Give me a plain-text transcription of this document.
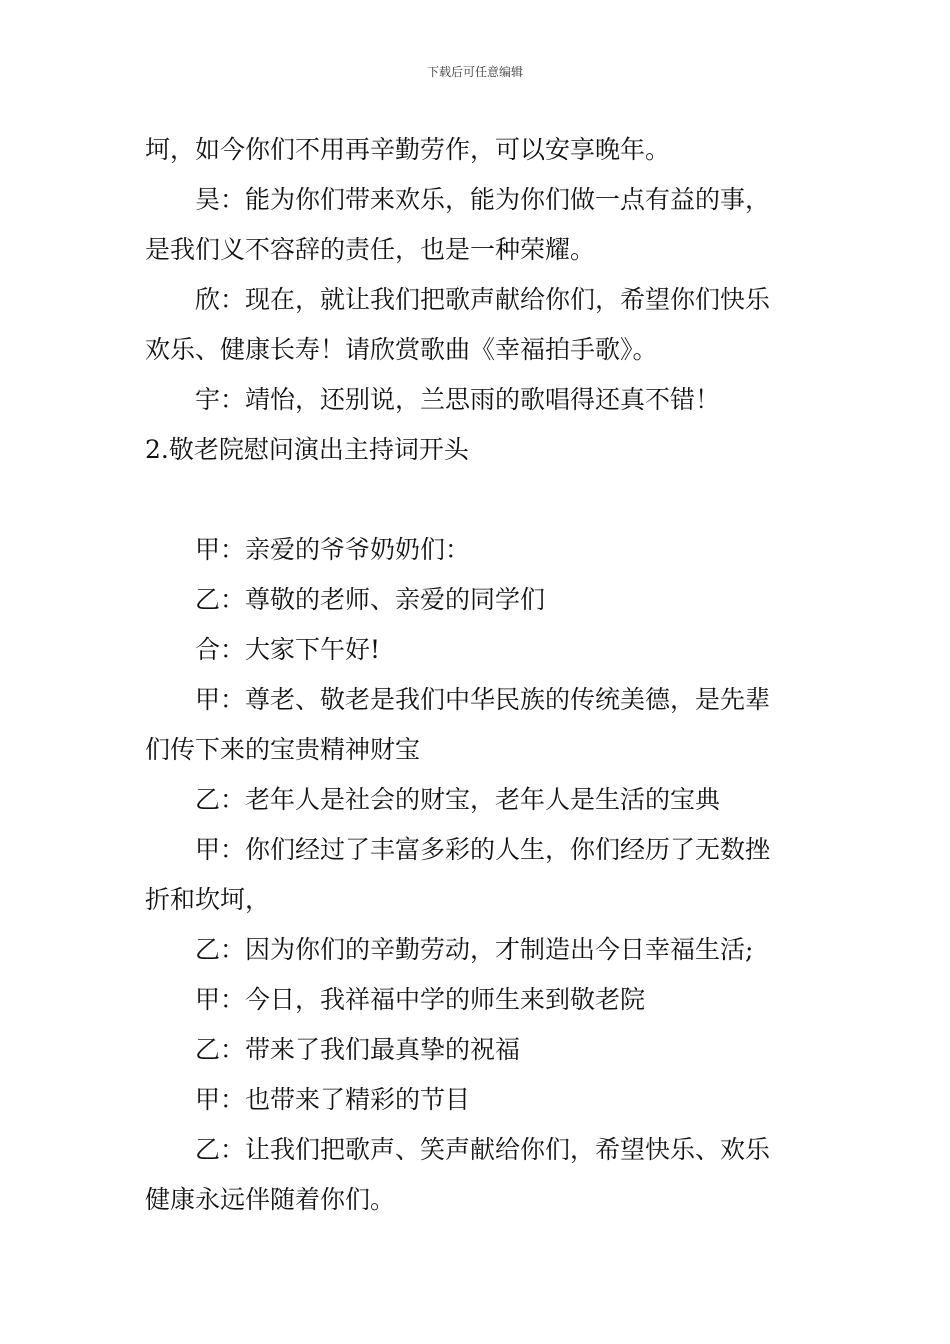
下载后可任意编辑
坷，如今你们不用再辛勤劳作，可以安享晚年。
昊：能为你们带来欢乐，能为你们做一点有益的事，
是我们义不容辞的责任，也是一种荣耀。
欣：现在，就让我们把歌声献给你们，希望你们快乐
欢乐、健康长寿！请欣赏歌曲《幸福拍手歌》。
宇：靖怡，还别说，兰思雨的歌唱得还真不错！
2.敬老院慰问演出主持词开头
甲：亲爱的爷爷奶奶们：
乙：尊敬的老师、亲爱的同学们
合：大家下午好!
甲：尊老、敬老是我们中华民族的传统美德，是先辈
们传下来的宝贵精神财宝
乙：老年人是社会的财宝，老年人是生活的宝典
甲：你们经过了丰富多彩的人生，你们经历了无数挫
折和坎坷，
乙：因为你们的辛勤劳动，才制造出今日幸福生活;
甲：今日，我祥福中学的师生来到敬老院
乙：带来了我们最真挚的祝福
甲：也带来了精彩的节目
乙：让我们把歌声、笑声献给你们，希望快乐、欢乐
健康永远伴随着你们。
